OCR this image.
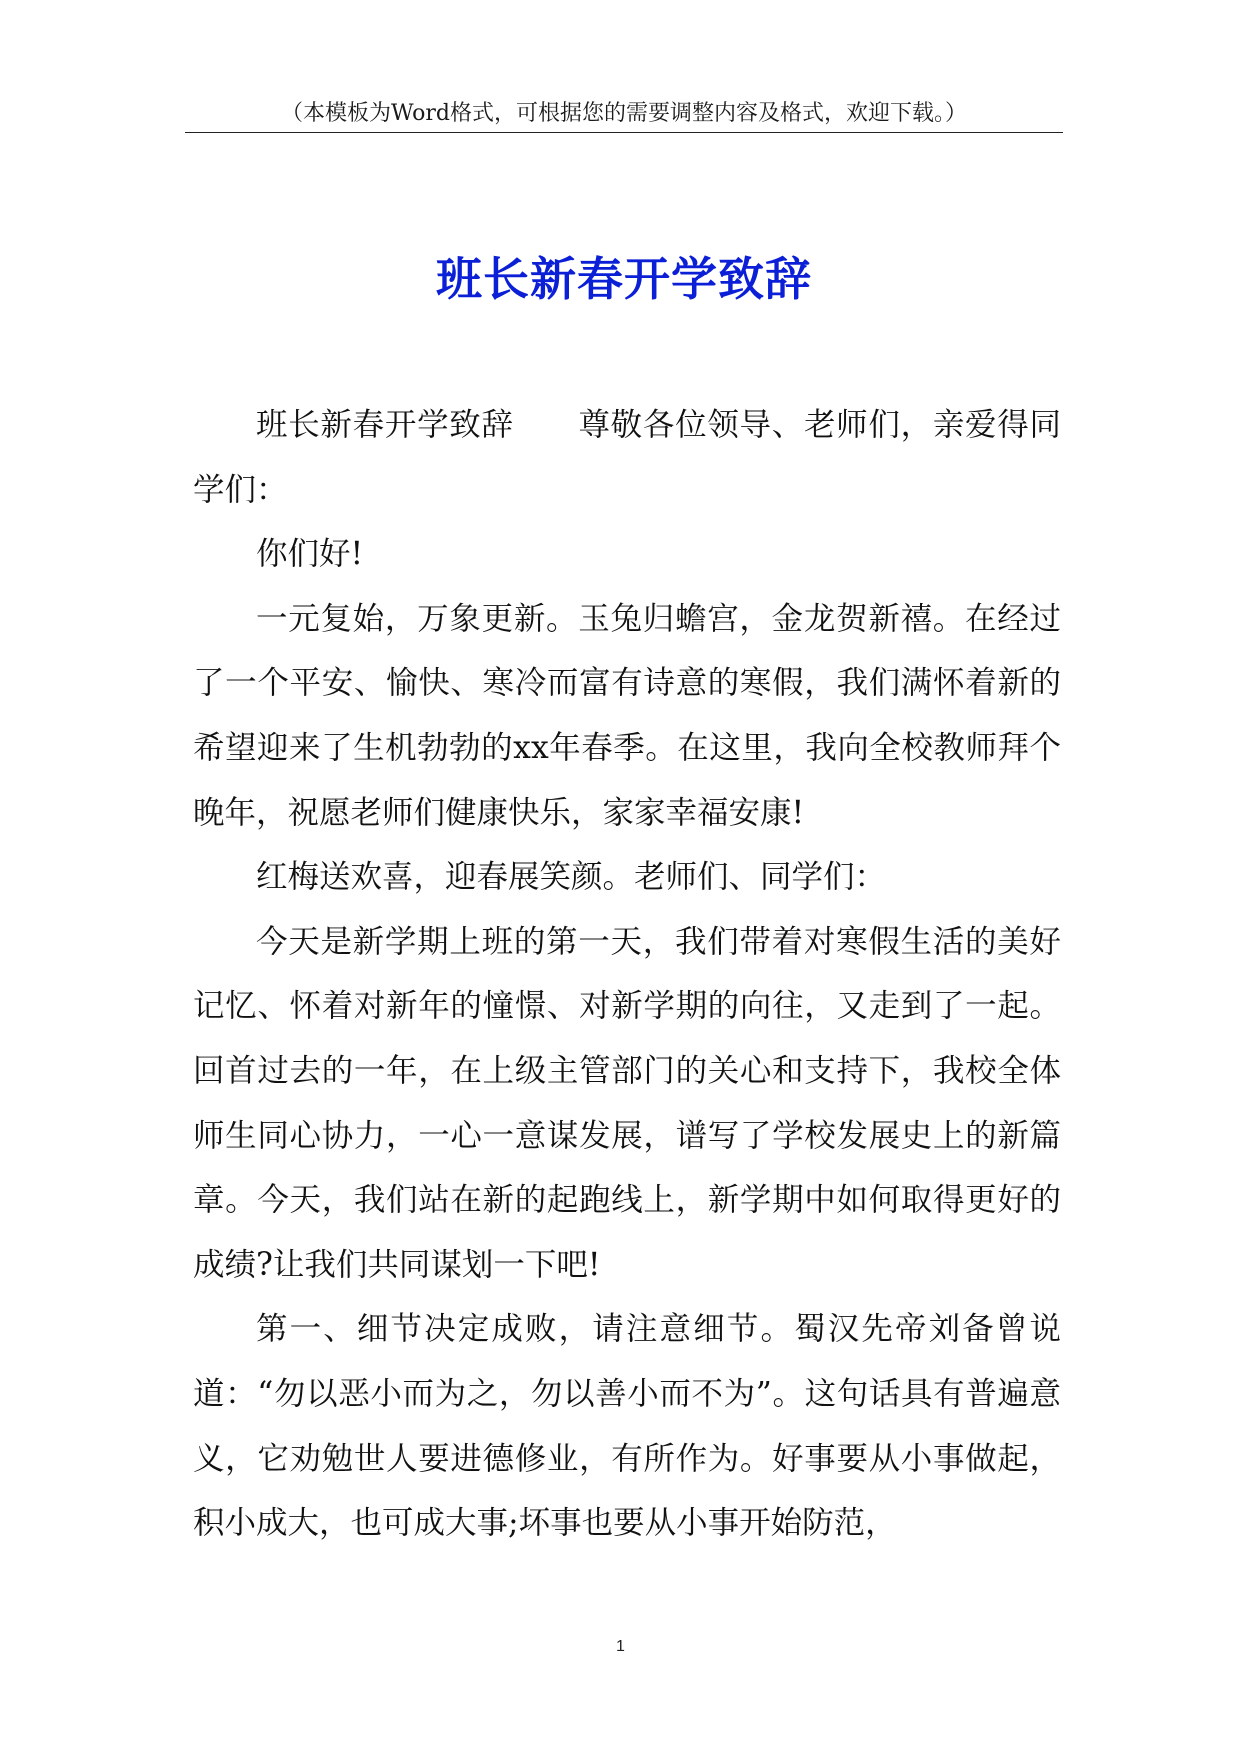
（本模板为Word格式，可根据您的需要调整内容及格式，欢迎下载。）
班长新春开学致辞

班长新春开学致辞 尊敬各位领导、老师们，亲爱得同学们：

你们好!

一元复始，万象更新。玉兔归蟾宫，金龙贺新禧。在经过了一个平安、愉快、寒冷而富有诗意的寒假，我们满怀着新的希望迎来了生机勃勃的xx年春季。在这里，我向全校教师拜个晚年，祝愿老师们健康快乐，家家幸福安康!

红梅送欢喜，迎春展笑颜。老师们、同学们：

今天是新学期上班的第一天，我们带着对寒假生活的美好记忆、怀着对新年的憧憬、对新学期的向往，又走到了一起。回首过去的一年，在上级主管部门的关心和支持下，我校全体师生同心协力，一心一意谋发展，谱写了学校发展史上的新篇章。今天，我们站在新的起跑线上，新学期中如何取得更好的成绩?让我们共同谋划一下吧!

第一、细节决定成败，请注意细节。蜀汉先帝刘备曾说道：“勿以恶小而为之，勿以善小而不为”。这句话具有普遍意义，它劝勉世人要进德修业，有所作为。好事要从小事做起，积小成大，也可成大事;坏事也要从小事开始防范，

1
